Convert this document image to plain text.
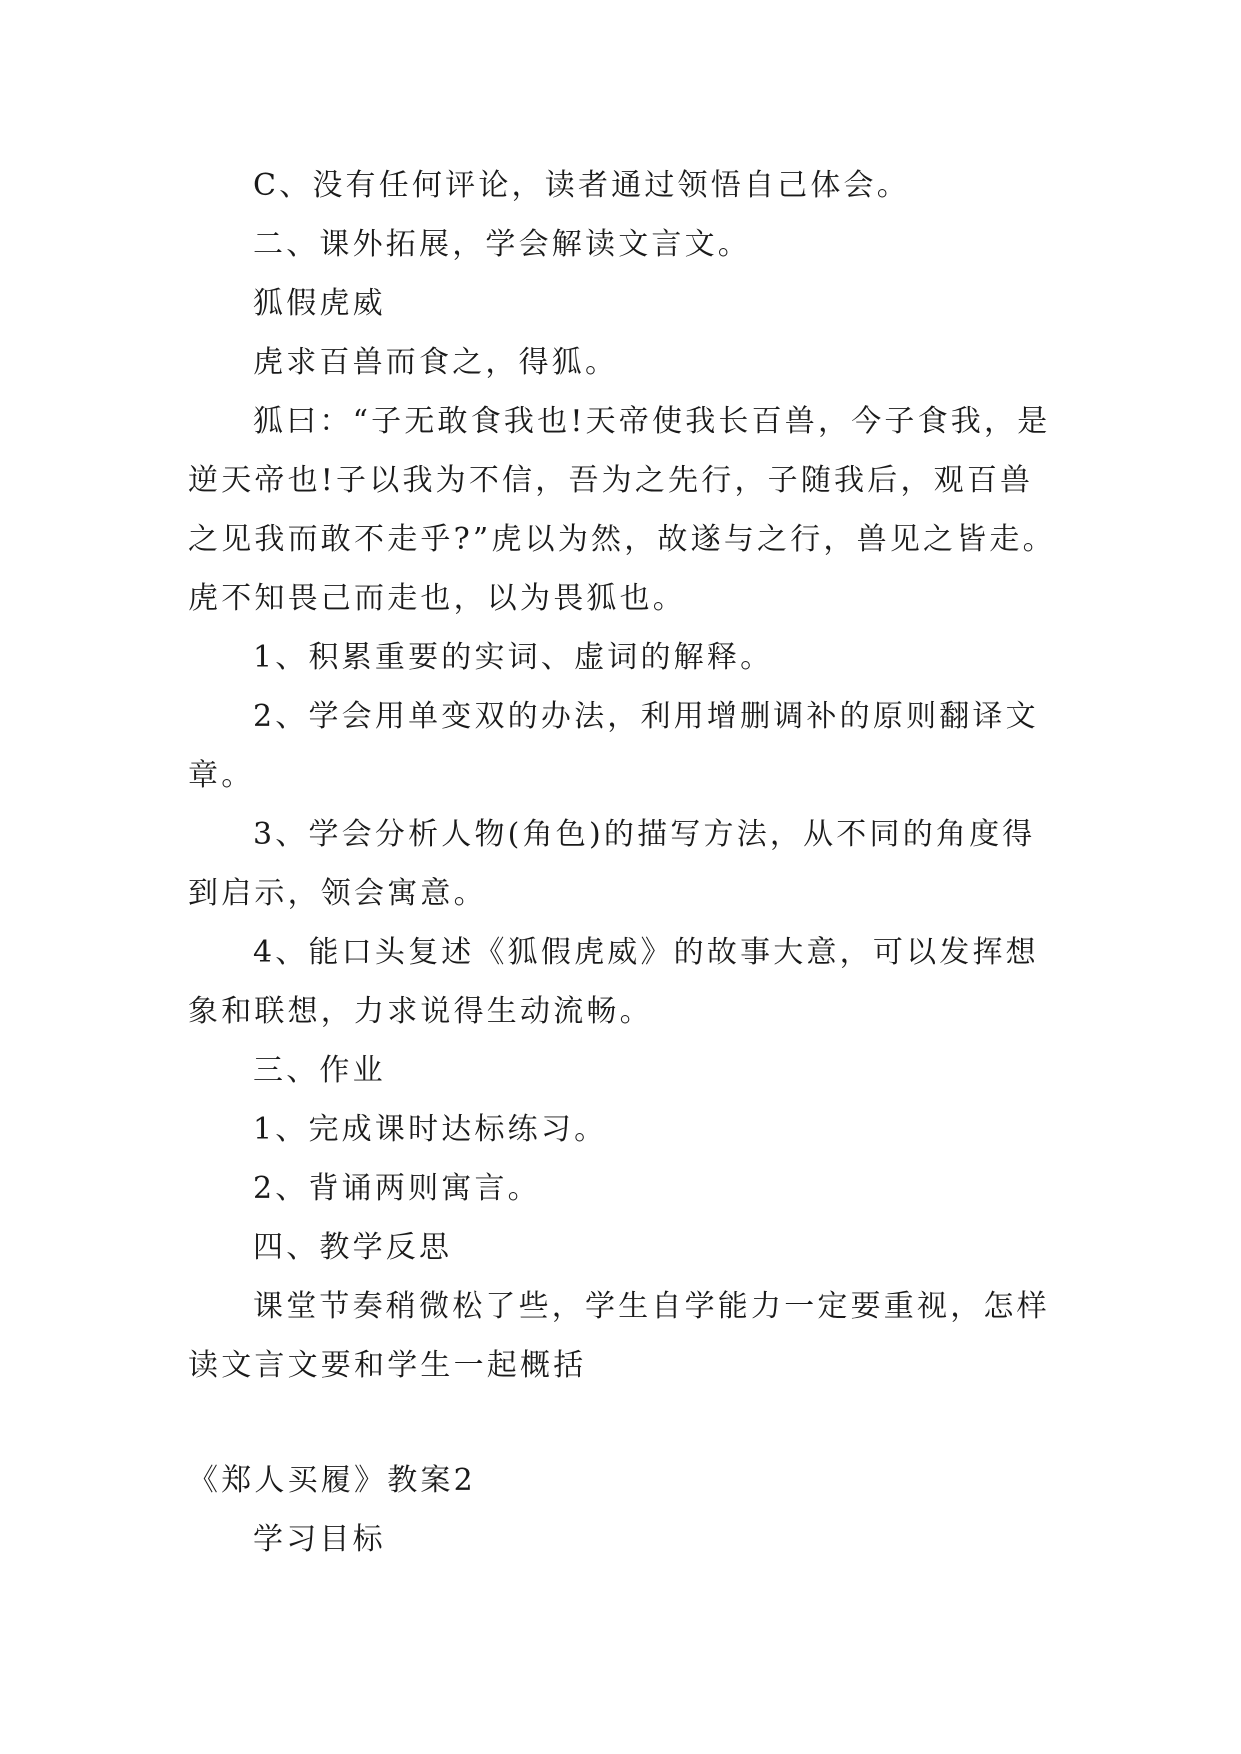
C、没有任何评论，读者通过领悟自己体会。
二、课外拓展，学会解读文言文。
狐假虎威
虎求百兽而食之，得狐。
狐曰：“子无敢食我也!天帝使我长百兽，今子食我，是
逆天帝也!子以我为不信，吾为之先行，子随我后，观百兽
之见我而敢不走乎?”虎以为然，故遂与之行，兽见之皆走。
虎不知畏己而走也，以为畏狐也。
1、积累重要的实词、虚词的解释。
2、学会用单变双的办法，利用增删调补的原则翻译文
章。
3、学会分析人物(角色)的描写方法，从不同的角度得
到启示，领会寓意。
4、能口头复述《狐假虎威》的故事大意，可以发挥想
象和联想，力求说得生动流畅。
三、作业
1、完成课时达标练习。
2、背诵两则寓言。
四、教学反思
课堂节奏稍微松了些，学生自学能力一定要重视，怎样
读文言文要和学生一起概括
《郑人买履》教案2
学习目标
